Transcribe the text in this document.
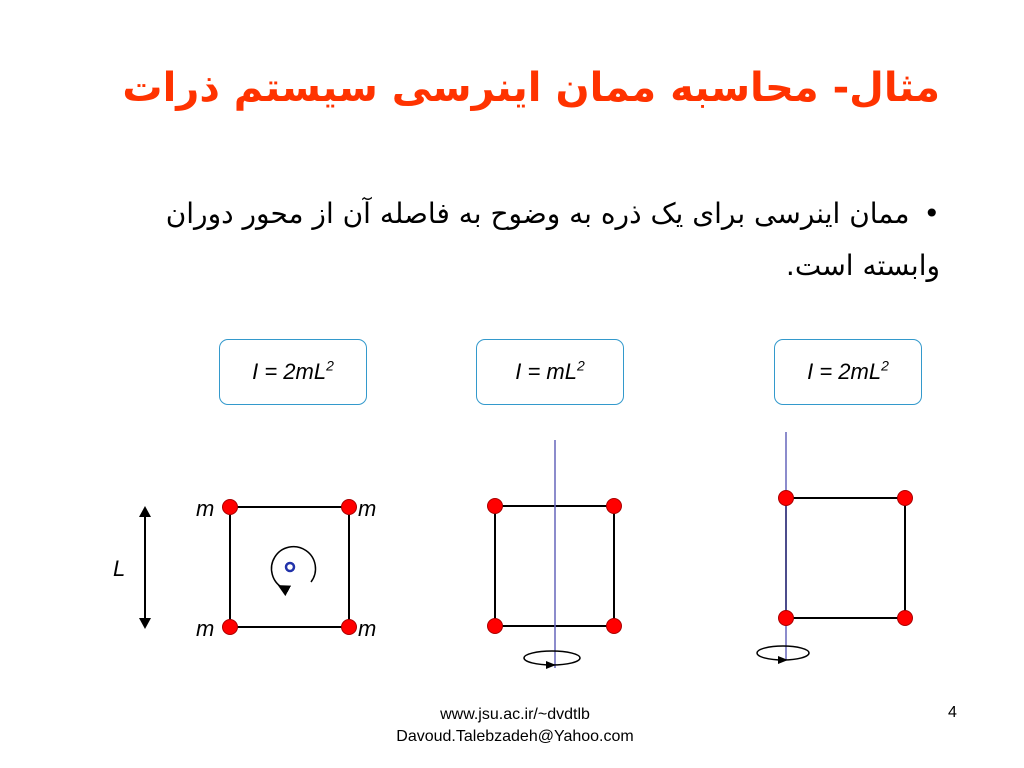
مثال- محاسبه ممان اینرسی سیستم ذرات
•ممان اینرسی برای یک ذره به وضوح به فاصله آن از محور دوران وابسته است.
$I = 2mL^2$	$I = mL^2$	$I = 2mL^2$
L
m	m
m	m
www.jsu.ac.ir/~dvdtlb
Davoud.Talebzadeh@Yahoo.com
4
